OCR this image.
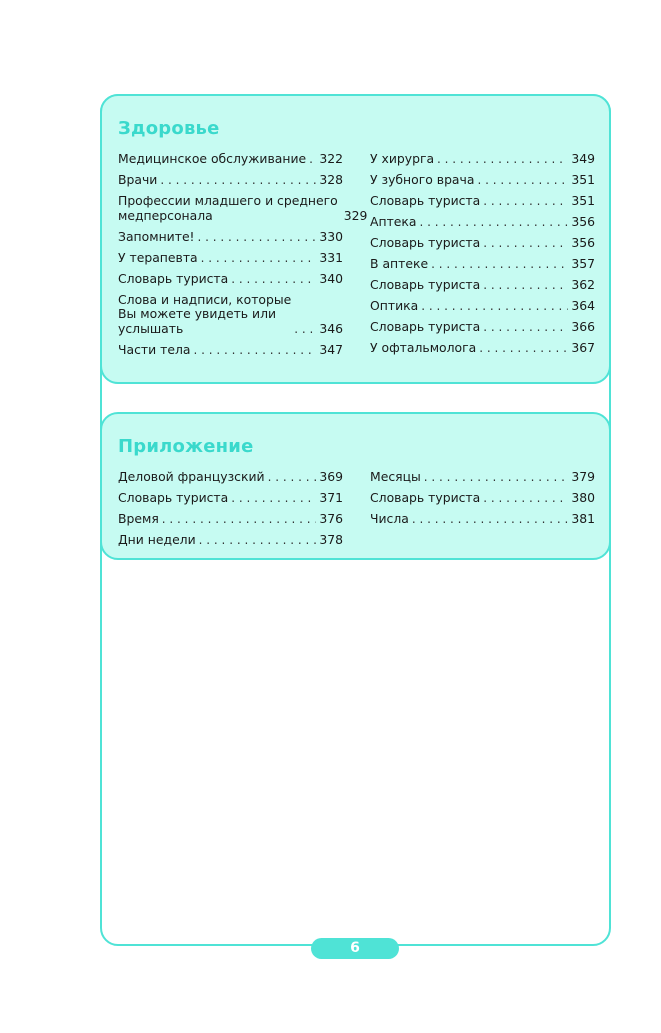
Здоровье
Медицинское обслуживание . . . 322
Врачи . . .	328
Профессии младшего и среднего
медперсонала	329
Запомните! . . .	330
У терапевта . . .	331
Словарь туриста . . .	340
Слова и надписи, которые
Вы можете увидеть или
услышать . . .	346
Части тела . . .	347
У хирурга . . .	349
У зубного врача . . .	351
Словарь туриста . . .	351
Аптека . . .	356
Словарь туриста . . .	356
В аптеке . . .	357
Словарь туриста . . .	362
Оптика . . .	364
Словарь туриста . . .	366
У офтальмолога . . .	367
Приложение
Деловой французский . . .	369
Словарь туриста . . .	371
Время . . .	376
Дни недели . . .	378
Месяцы . . .	379
Словарь туриста . . .	380
Числа . . .	381
6
